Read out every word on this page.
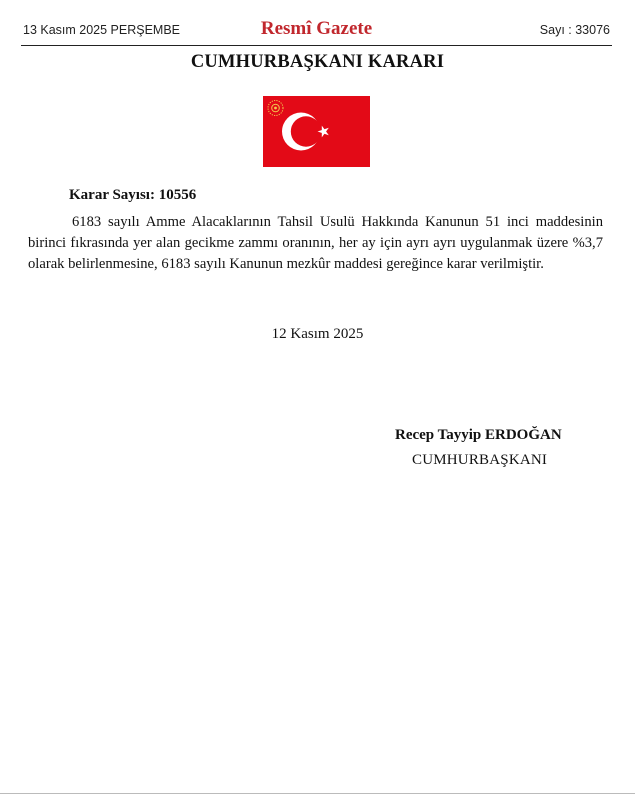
13 Kasım 2025 PERŞEMBE	Resmî Gazete	Sayı : 33076
CUMHURBAŞKANI KARARI
Karar Sayısı: 10556

6183 sayılı Amme Alacaklarının Tahsil Usulü Hakkında Kanunun 51 inci maddesinin birinci fıkrasında yer alan gecikme zammı oranının, her ay için ayrı ayrı uygulanmak üzere %3,7 olarak belirlenmesine, 6183 sayılı Kanunun mezkûr maddesi gereğince karar verilmiştir.

12 Kasım 2025
Recep Tayyip ERDOĞAN
CUMHURBAŞKANI
